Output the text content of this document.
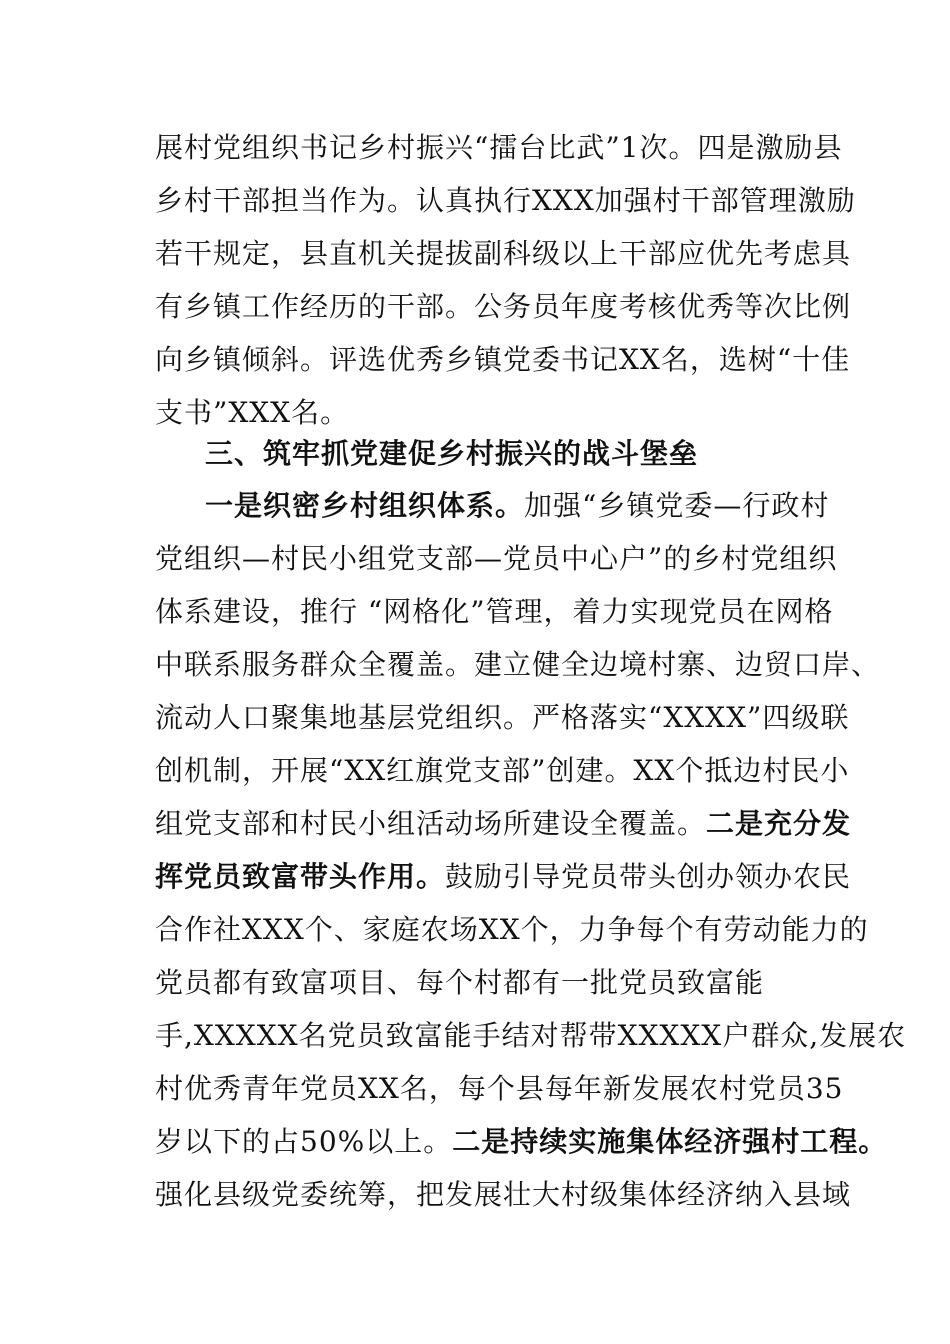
展村党组织书记乡村振兴“擂台比武”1次。四是激励县
乡村干部担当作为。认真执行XXX加强村干部管理激励
若干规定，县直机关提拔副科级以上干部应优先考虑具
有乡镇工作经历的干部。公务员年度考核优秀等次比例
向乡镇倾斜。评选优秀乡镇党委书记XX名，选树“十佳
支书”XXX名。
三、筑牢抓党建促乡村振兴的战斗堡垒
一是织密乡村组织体系。加强“乡镇党委—行政村
党组织—村民小组党支部—党员中心户”的乡村党组织
体系建设，推行 “网格化”管理，着力实现党员在网格
中联系服务群众全覆盖。建立健全边境村寨、边贸口岸、
流动人口聚集地基层党组织。严格落实“XXXX”四级联
创机制，开展“XX红旗党支部”创建。XX个抵边村民小
组党支部和村民小组活动场所建设全覆盖。二是充分发
挥党员致富带头作用。鼓励引导党员带头创办领办农民
合作社XXX个、家庭农场XX个，力争每个有劳动能力的
党员都有致富项目、每个村都有一批党员致富能
手,XXXXX名党员致富能手结对帮带XXXXX户群众,发展农
村优秀青年党员XX名，每个县每年新发展农村党员35
岁以下的占50%以上。二是持续实施集体经济强村工程。
强化县级党委统筹，把发展壮大村级集体经济纳入县域
